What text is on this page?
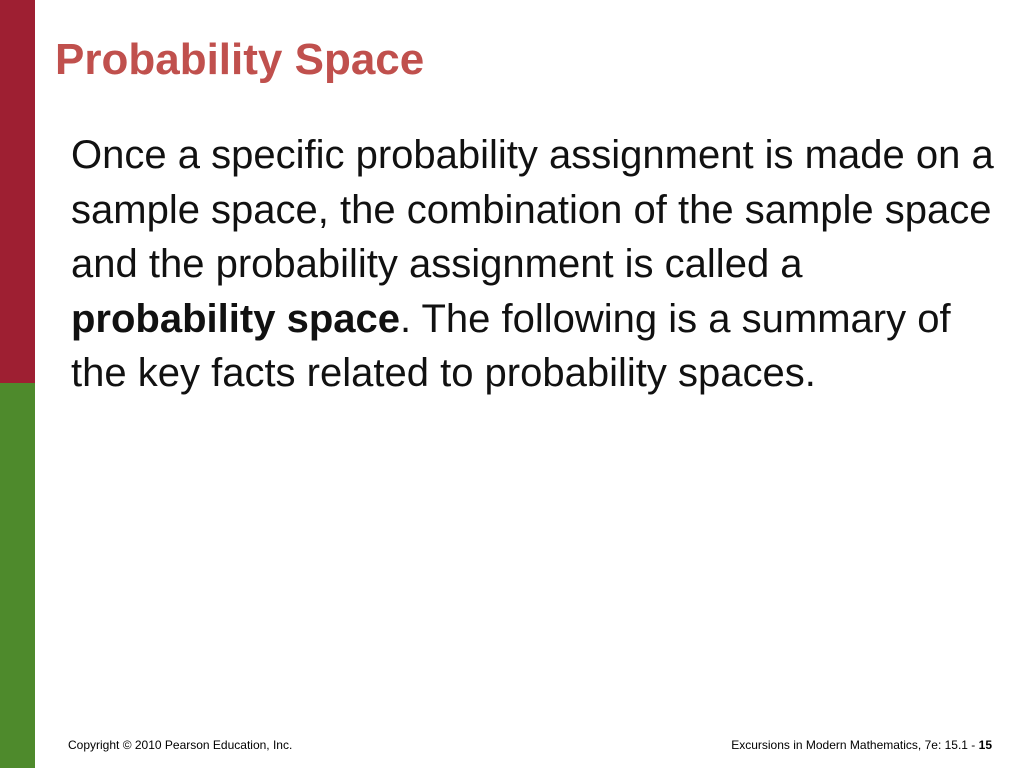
Probability Space

Once a specific probability assignment is made on a sample space, the combination of the sample space and the probability assignment is called a probability space. The following is a summary of the key facts related to probability spaces.

Copyright © 2010 Pearson Education, Inc.	Excursions in Modern Mathematics, 7e: 15.1 - 15
